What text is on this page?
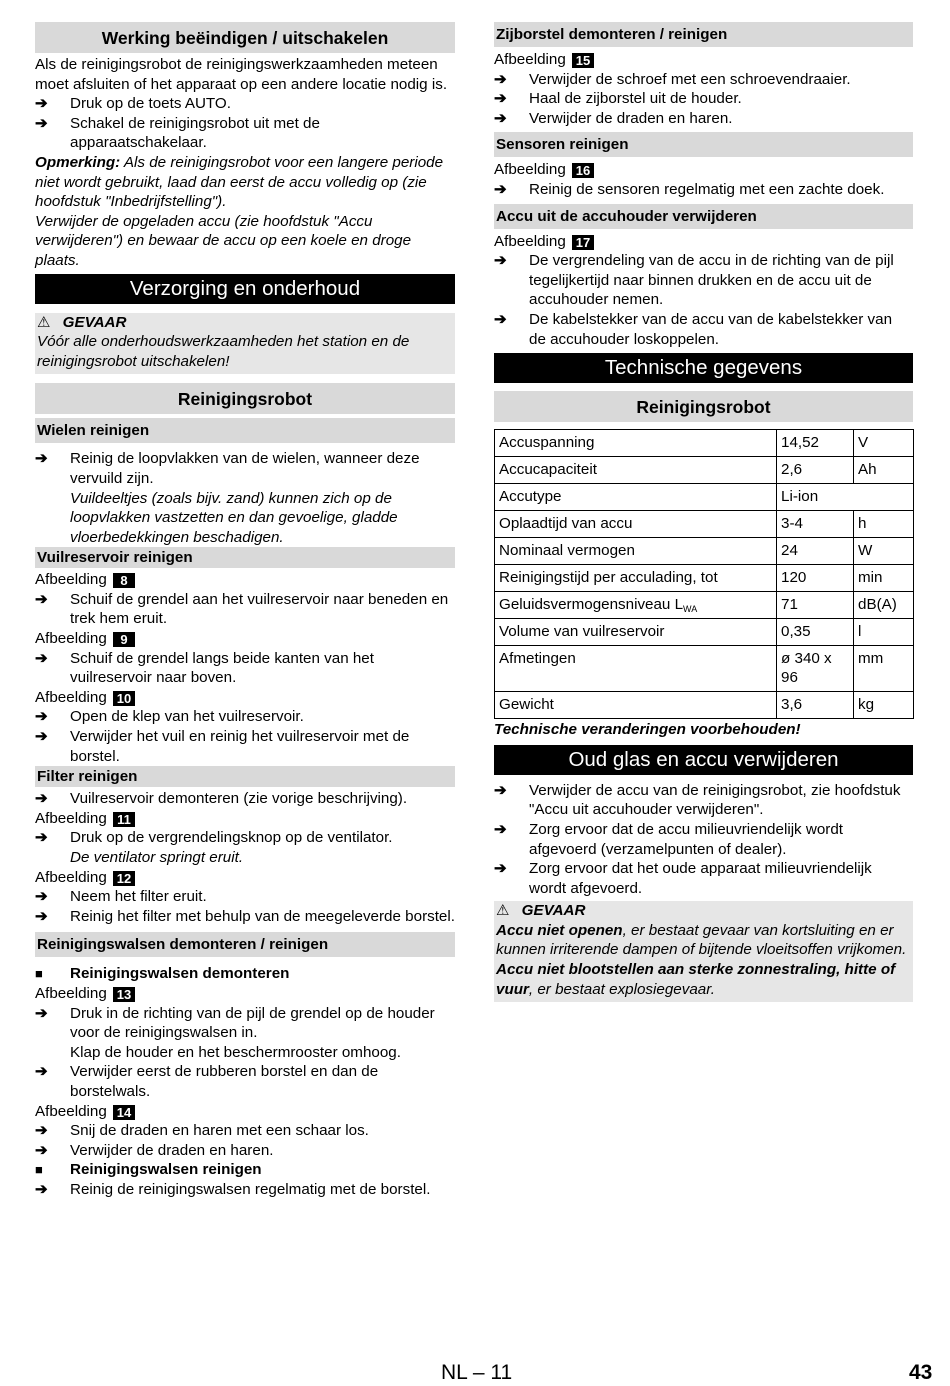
Werking beëindigen / uitschakelen

Als de reinigingsrobot de reinigingswerkzaamheden meteen moet afsluiten of het apparaat op een andere locatie nodig is.

➔ Druk op de toets AUTO.
➔ Schakel de reinigingsrobot uit met de apparaatschakelaar.

Opmerking: Als de reinigingsrobot voor een langere periode niet wordt gebruikt, laad dan eerst de accu volledig op (zie hoofdstuk "Inbedrijfstelling").

Verwijder de opgeladen accu (zie hoofdstuk "Accu verwijderen") en bewaar de accu op een koele en droge plaats.

Verzorging en onderhoud
⚠ GEVAAR

Vóór alle onderhoudswerkzaamheden het station en de reinigingsrobot uitschakelen!

Reinigingsrobot
Wielen reinigen
➔ Reinig de loopvlakken van de wielen, wanneer deze vervuild zijn.

Vuildeeltjes (zoals bijv. zand) kunnen zich op de loopvlakken vastzetten en dan gevoelige, gladde vloerbedekkingen beschadigen.

Vuilreservoir reinigen

Afbeelding 8

➔ Schuif de grendel aan het vuilreservoir naar beneden en trek hem eruit.

Afbeelding 9

➔ Schuif de grendel langs beide kanten van het vuilreservoir naar boven.

Afbeelding 10

➔ Open de klep van het vuilreservoir.
➔ Verwijder het vuil en reinig het vuilreservoir met de borstel.
Filter reinigen
➔ Vuilreservoir demonteren (zie vorige beschrijving).

Afbeelding 11

➔ Druk op de vergrendelingsknop op de ventilator.

De ventilator springt eruit.

Afbeelding 12

➔ Neem het filter eruit.
➔ Reinig het filter met behulp van de meegeleverde borstel.
Reinigingswalsen demonteren / reinigen
■ Reinigingswalsen demonteren

Afbeelding 13

➔ Druk in de richting van de pijl de grendel op de houder voor de reinigingswalsen in.

Klap de houder en het beschermrooster omhoog.

➔ Verwijder eerst de rubberen borstel en dan de borstelwals.

Afbeelding 14

➔ Snij de draden en haren met een schaar los.
➔ Verwijder de draden en haren.
■ Reinigingswalsen reinigen
➔ Reinig de reinigingswalsen regelmatig met de borstel.
Zijborstel demonteren / reinigen

Afbeelding 15

➔ Verwijder de schroef met een schroevendraaier.
➔ Haal de zijborstel uit de houder.
➔ Verwijder de draden en haren.
Sensoren reinigen

Afbeelding 16

➔ Reinig de sensoren regelmatig met een zachte doek.
Accu uit de accuhouder verwijderen

Afbeelding 17

➔ De vergrendeling van de accu in de richting van de pijl tegelijkertijd naar binnen drukken en de accu uit de accuhouder nemen.
➔ De kabelstekker van de accu van de kabelstekker van de accuhouder loskoppelen.
Technische gegevens
Reinigingsrobot
Accuspanning	14,52	V
Accucapaciteit	2,6	Ah
Accutype	Li-ion	
Oplaadtijd van accu	3-4	h
Nominaal vermogen	24	W
Reinigingstijd per acculading, tot	120	min
Geluidsvermogensniveau $L_{WA}$	71	dB(A)
Volume van vuilreservoir	0,35	l
Afmetingen	ø 340 x 96	mm
Gewicht	3,6	kg

Technische veranderingen voorbehouden!

Oud glas en accu verwijderen
➔ Verwijder de accu van de reinigingsrobot, zie hoofdstuk "Accu uit accuhouder verwijderen".
➔ Zorg ervoor dat de accu milieuvriendelijk wordt afgevoerd (verzamelpunten of dealer).
➔ Zorg ervoor dat het oude apparaat milieuvriendelijk wordt afgevoerd.
⚠ GEVAAR

Accu niet openen, er bestaat gevaar van kortsluiting en er kunnen irriterende dampen of bijtende vloeitsoffen vrijkomen.

Accu niet blootstellen aan sterke zonnestraling, hitte of vuur, er bestaat explosiegevaar.

NL – 11	43
